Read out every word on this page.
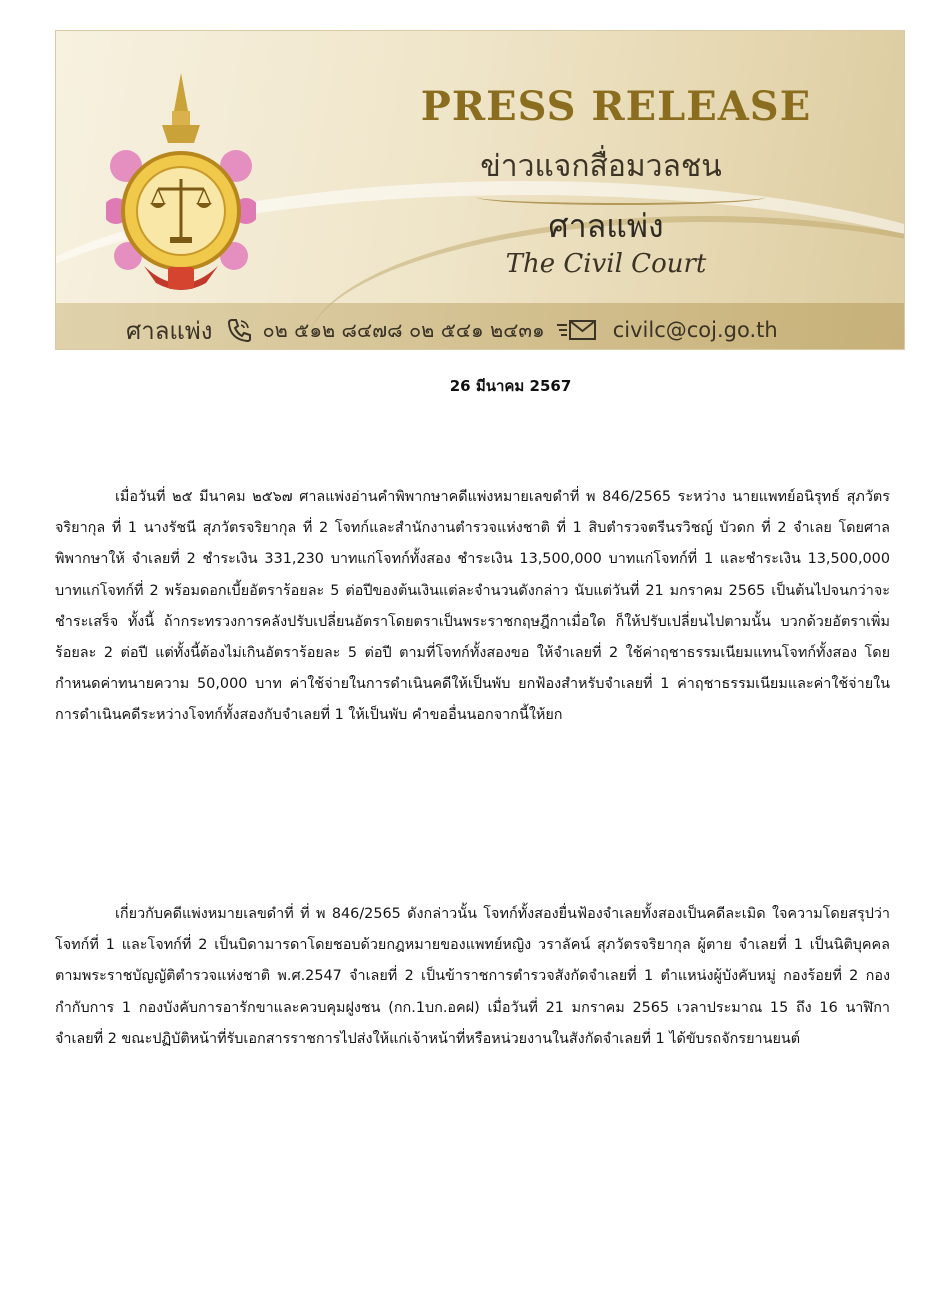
PRESS RELEASE
ข่าวแจกสื่อมวลชน
ศาลแพ่ง
The Civil Court
ศาลแพ่ง	๐๒ ๕๑๒ ๘๔๗๘ ๐๒ ๕๔๑ ๒๔๓๑	civilc@coj.go.th
26 มีนาคม 2567

เมื่อวันที่ ๒๕ มีนาคม ๒๕๖๗ ศาลแพ่งอ่านคำพิพากษาคดีแพ่งหมายเลขดำที่ พ 846/2565 ระหว่าง นายแพทย์อนิรุทธ์ สุภวัตรจริยากุล ที่ 1 นางรัชนี สุภวัตรจริยากุล ที่ 2 โจทก์และสำนักงานตำรวจแห่งชาติ ที่ 1 สิบตำรวจตรีนรวิชญ์ บัวดก ที่ 2 จำเลย โดยศาลพิพากษาให้ จำเลยที่ 2 ชำระเงิน 331,230 บาทแก่โจทก์ทั้งสอง ชำระเงิน 13,500,000 บาทแก่โจทก์ที่ 1 และชำระเงิน 13,500,000 บาทแก่โจทก์ที่ 2 พร้อมดอกเบี้ยอัตราร้อยละ 5 ต่อปีของต้นเงินแต่ละจำนวนดังกล่าว นับแต่วันที่ 21 มกราคม 2565 เป็นต้นไปจนกว่าจะชำระเสร็จ ทั้งนี้ ถ้ากระทรวงการคลังปรับเปลี่ยนอัตราโดยตราเป็นพระราชกฤษฎีกาเมื่อใด ก็ให้ปรับเปลี่ยนไปตามนั้น บวกด้วยอัตราเพิ่มร้อยละ 2 ต่อปี แต่ทั้งนี้ต้องไม่เกินอัตราร้อยละ 5 ต่อปี ตามที่โจทก์ทั้งสองขอ ให้จำเลยที่ 2 ใช้ค่าฤชาธรรมเนียมแทนโจทก์ทั้งสอง โดยกำหนดค่าทนายความ 50,000 บาท ค่าใช้จ่ายในการดำเนินคดีให้เป็นพับ ยกฟ้องสำหรับจำเลยที่ 1 ค่าฤชาธรรมเนียมและค่าใช้จ่ายในการดำเนินคดีระหว่างโจทก์ทั้งสองกับจำเลยที่ 1 ให้เป็นพับ คำขออื่นนอกจากนี้ให้ยก

เกี่ยวกับคดีแพ่งหมายเลขดำที่ ที่ พ 846/2565 ดังกล่าวนั้น โจทก์ทั้งสองยื่นฟ้องจำเลยทั้งสองเป็นคดีละเมิด ใจความโดยสรุปว่า โจทก์ที่ 1 และโจทก์ที่ 2 เป็นบิดามารดาโดยชอบด้วยกฎหมายของแพทย์หญิง วราลัคน์ สุภวัตรจริยากุล ผู้ตาย จำเลยที่ 1 เป็นนิติบุคคลตามพระราชบัญญัติตำรวจแห่งชาติ พ.ศ.2547 จำเลยที่ 2 เป็นข้าราชการตำรวจสังกัดจำเลยที่ 1 ตำแหน่งผู้บังคับหมู่ กองร้อยที่ 2 กองกำกับการ 1 กองบังคับการอารักขาและควบคุมฝูงชน (กก.1บก.อคฝ) เมื่อวันที่ 21 มกราคม 2565 เวลาประมาณ 15 ถึง 16 นาฬิกา จำเลยที่ 2 ขณะปฏิบัติหน้าที่รับเอกสารราชการไปส่งให้แก่เจ้าหน้าที่หรือหน่วยงานในสังกัดจำเลยที่ 1 ได้ขับรถจักรยานยนต์
